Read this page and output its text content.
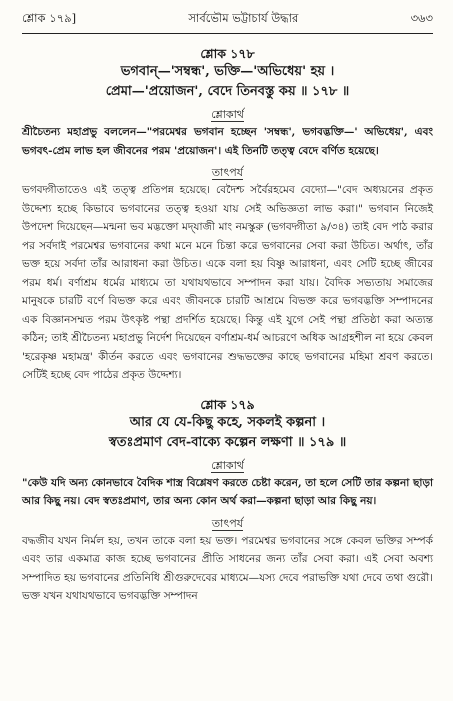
শ্লোক ১৭৯]	সার্বভৌম ভট্টাচার্য উদ্ধার	৩৬৩
শ্লোক ১৭৮
ভগবান্‌—'সম্বন্ধ', ভক্তি—'অভিধেয়' হয় ।
প্রেমা—'প্রয়োজন', বেদে তিনবস্তু কয় ॥ ১৭৮ ॥
শ্লোকার্থ

শ্রীচৈতন্য মহাপ্রভু বললেন—"পরমেশ্বর ভগবান হচ্ছেন 'সম্বন্ধ', ভগবদ্ভক্তি—' অভিধেয়', এবং ভগবৎ-প্রেম লাভ হল জীবনের পরম 'প্রয়োজন'। এই তিনটি তত্ত্ব বেদে বর্ণিত হয়েছে।

তাৎপর্য

ভগবদ্গীতাতেও এই তত্ত্ব প্রতিপন্ন হয়েছে। বেদৈশ্চ সর্বৈরহমেব বেদ্যো—"বেদ অধ্যয়নের প্রকৃত উদ্দেশ্য হচ্ছে কিভাবে ভগবানের তত্ত্ব হওয়া যায় সেই অভিজ্ঞতা লাভ করা।" ভগবান নিজেই উপদেশ দিয়েছেন—মন্মনা ভব মদ্ভক্তো মদ্‌যাজী মাং নমস্কুরু (ভগবদ্গীতা ৯/৩৪) তাই বেদ পাঠ করার পর সর্বদাই পরমেশ্বর ভগবানের কথা মনে মনে চিন্তা করে ভগবানের সেবা করা উচিত। অর্থাৎ, তাঁর ভক্ত হয়ে সর্বদা তাঁর আরাধনা করা উচিত। একে বলা হয় বিষ্ণু আরাধনা, এবং সেটি হচ্ছে জীবের পরম ধর্ম। বর্ণাশ্রম ধর্মের মাধ্যমে তা যথাযথভাবে সম্পাদন করা যায়। বৈদিক সভ্যতায় সমাজের মানুষকে চারটি বর্ণে বিভক্ত করে এবং জীবনকে চারটি আশ্রমে বিভক্ত করে ভগবদ্ভক্তি সম্পাদনের এক বিজ্ঞানসম্মত পরম উৎকৃষ্ট পন্থা প্রদর্শিত হয়েছে। কিন্তু এই যুগে সেই পন্থা প্রতিষ্ঠা করা অত্যন্ত কঠিন; তাই শ্রীচৈতন্য মহাপ্রভু নির্দেশ দিয়েছেন বর্ণাশ্রম-ধর্ম আচরণে অধিক আগ্রহশীল না হয়ে কেবল 'হরেকৃষ্ণ মহামন্ত্র' কীর্তন করতে এবং ভগবানের শুদ্ধভক্তের কাছে ভগবানের মহিমা শ্রবণ করতে। সেটিই হচ্ছে বেদ পাঠের প্রকৃত উদ্দেশ্য।

শ্লোক ১৭৯
আর যে যে-কিছু কহে, সকলই কল্পনা ।
স্বতঃপ্রমাণ বেদ-বাক্যে কল্পেন লক্ষণা ॥ ১৭৯ ॥
শ্লোকার্থ

"কেউ যদি অন্য কোনভাবে বৈদিক শাস্ত্র বিশ্লেষণ করতে চেষ্টা করেন, তা হলে সেটি তার কল্পনা ছাড়া আর কিছু নয়। বেদ স্বতঃপ্রমাণ, তার অন্য কোন অর্থ করা—কল্পনা ছাড়া আর কিছু নয়।

তাৎপর্য

বদ্ধজীব যখন নির্মল হয়, তখন তাকে বলা হয় ভক্ত। পরমেশ্বর ভগবানের সঙ্গে কেবল ভক্তির সম্পর্ক এবং তার একমাত্র কাজ হচ্ছে ভগবানের প্রীতি সাধনের জন্য তাঁর সেবা করা। এই সেবা অবশ্য সম্পাদিত হয় ভগবানের প্রতিনিধি শ্রীগুরুদেবের মাধ্যমে—যস্য দেবে পরাভক্তি যথা দেবে তথা গুরৌ। ভক্ত যখন যথাযথভাবে ভগবদ্ভক্তি সম্পাদন
